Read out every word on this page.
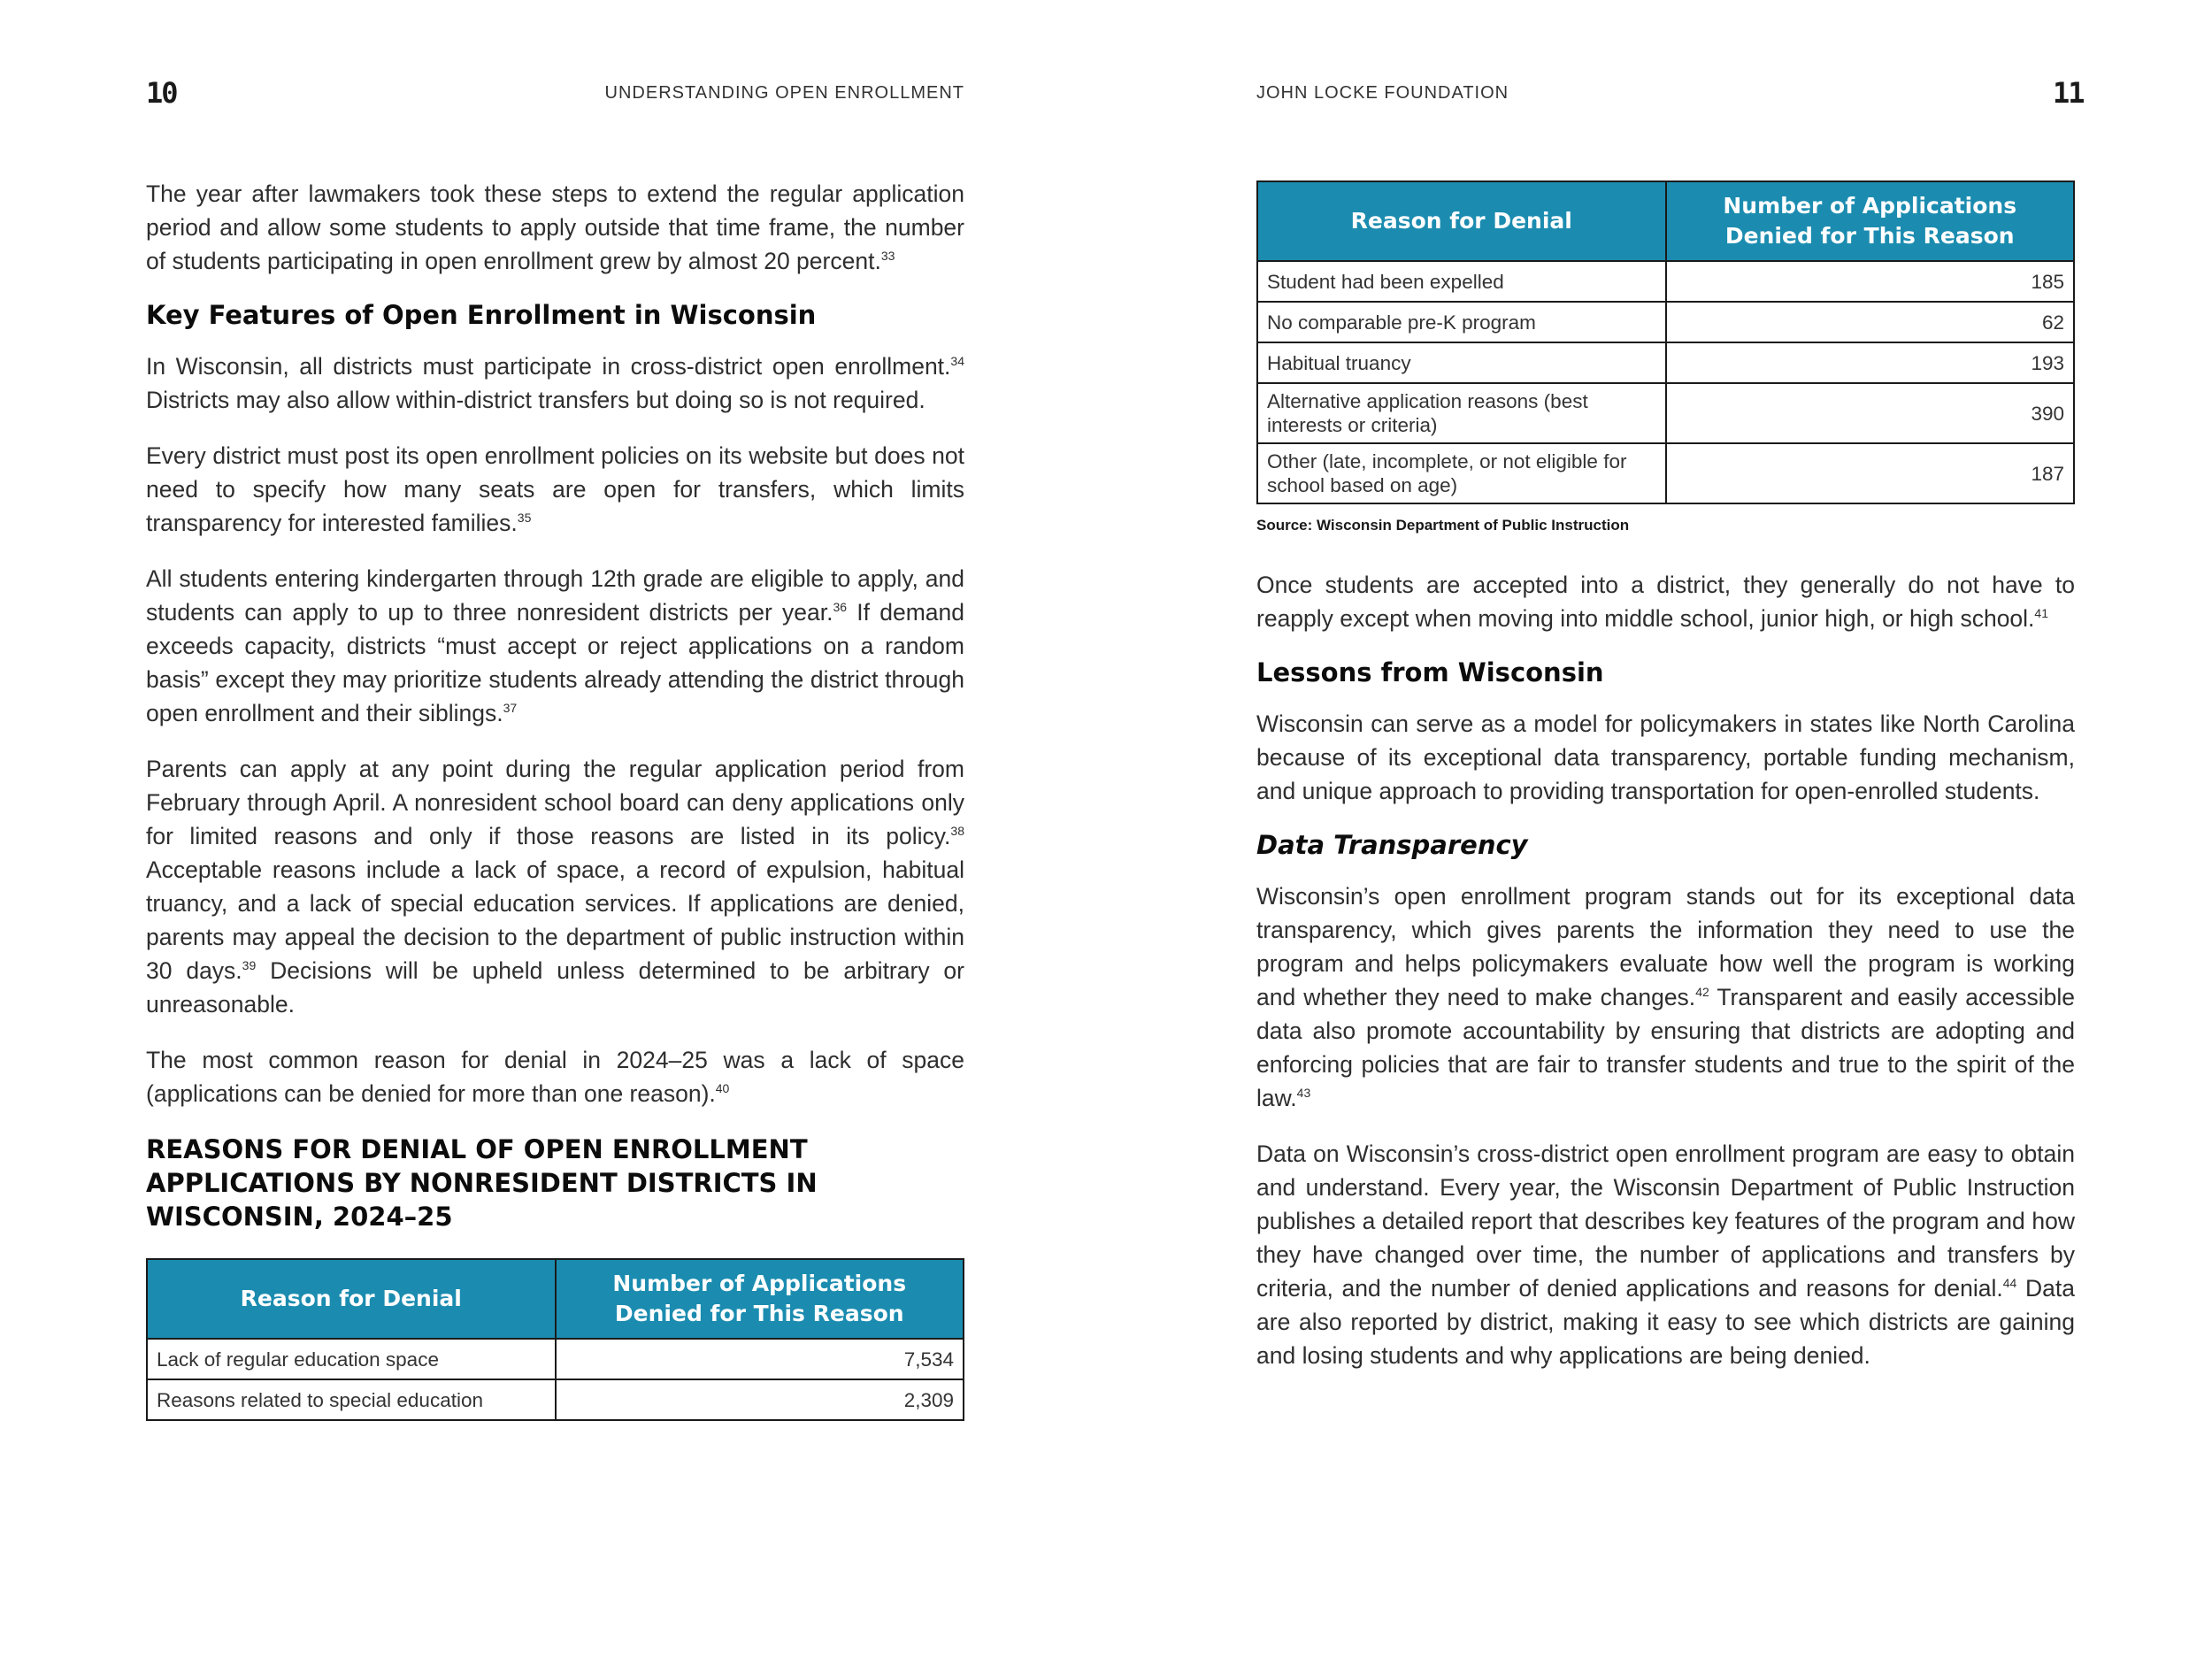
10	UNDERSTANDING OPEN ENROLLMENT

The year after lawmakers took these steps to extend the regular application period and allow some students to apply outside that time frame, the number of students participating in open enrollment grew by almost 20 percent.$^{33}$

Key Features of Open Enrollment in Wisconsin

In Wisconsin, all districts must participate in cross-district open enrollment.$^{34}$ Districts may also allow within-district transfers but doing so is not required.

Every district must post its open enrollment policies on its website but does not need to specify how many seats are open for transfers, which limits transparency for interested families.$^{35}$

All students entering kindergarten through 12th grade are eligible to apply, and students can apply to up to three nonresident districts per year.$^{36}$ If demand exceeds capacity, districts “must accept or reject applications on a random basis” except they may prioritize students already attending the district through open enrollment and their siblings.$^{37}$

Parents can apply at any point during the regular application period from February through April. A nonresident school board can deny applications only for limited reasons and only if those reasons are listed in its policy.$^{38}$ Acceptable reasons include a lack of space, a record of expulsion, habitual truancy, and a lack of special education services. If applications are denied, parents may appeal the decision to the department of public instruction within 30 days.$^{39}$ Decisions will be upheld unless determined to be arbitrary or unreasonable.

The most common reason for denial in 2024–25 was a lack of space (applications can be denied for more than one reason).$^{40}$

REASONS FOR DENIAL OF OPEN ENROLLMENT APPLICATIONS BY NONRESIDENT DISTRICTS IN WISCONSIN, 2024–25
Reason for Denial	Number of Applications Denied for This Reason
Lack of regular education space	7,534
Reasons related to special education	2,309
JOHN LOCKE FOUNDATION	11
Reason for Denial	Number of Applications Denied for This Reason
Student had been expelled	185
No comparable pre-K program	62
Habitual truancy	193
Alternative application reasons (best interests or criteria)	390
Other (late, incomplete, or not eligible for school based on age)	187
Source: Wisconsin Department of Public Instruction

Once students are accepted into a district, they generally do not have to reapply except when moving into middle school, junior high, or high school.$^{41}$

Lessons from Wisconsin

Wisconsin can serve as a model for policymakers in states like North Carolina because of its exceptional data transparency, portable funding mechanism, and unique approach to providing transportation for open-enrolled students.

Data Transparency

Wisconsin’s open enrollment program stands out for its exceptional data transparency, which gives parents the information they need to use the program and helps policymakers evaluate how well the program is working and whether they need to make changes.$^{42}$ Transparent and easily accessible data also promote accountability by ensuring that districts are adopting and enforcing policies that are fair to transfer students and true to the spirit of the law.$^{43}$

Data on Wisconsin’s cross-district open enrollment program are easy to obtain and understand. Every year, the Wisconsin Department of Public Instruction publishes a detailed report that describes key features of the program and how they have changed over time, the number of applications and transfers by criteria, and the number of denied applications and reasons for denial.$^{44}$ Data are also reported by district, making it easy to see which districts are gaining and losing students and why applications are being denied.
